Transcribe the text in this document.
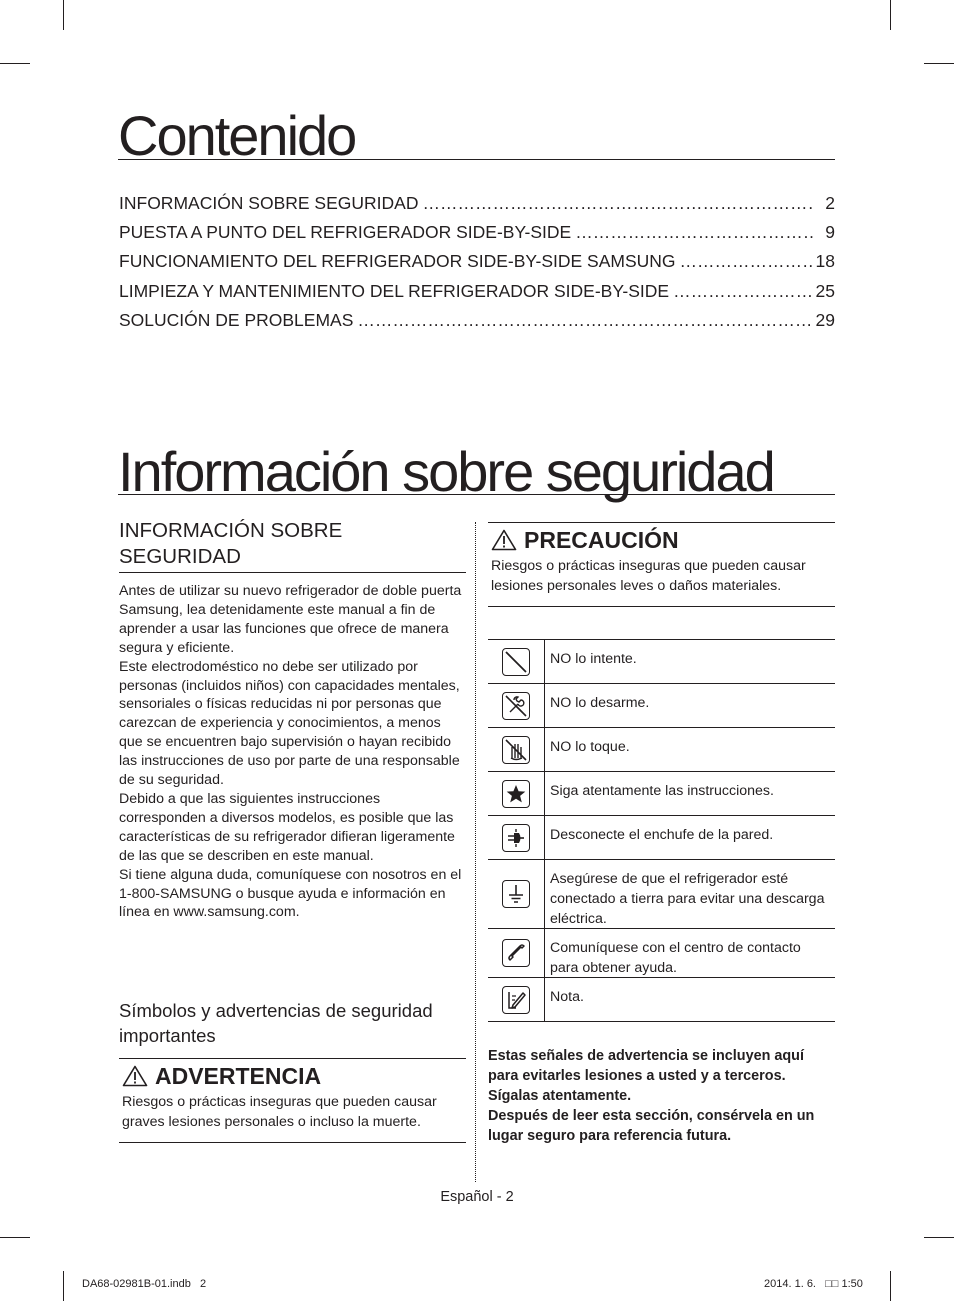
Contenido
INFORMACIÓN SOBRE SEGURIDAD ………………………………………………………………………………………………………………………………………………………	2
PUESTA A PUNTO DEL REFRIGERADOR SIDE-BY-SIDE ………………………………………………………………………………………………………………………………………………………	9
FUNCIONAMIENTO DEL REFRIGERADOR SIDE-BY-SIDE SAMSUNG ………………………………………………………………………………………………………………………………………………………	18
LIMPIEZA Y MANTENIMIENTO DEL REFRIGERADOR SIDE-BY-SIDE ………………………………………………………………………………………………………………………………………………………	25
SOLUCIÓN DE PROBLEMAS ………………………………………………………………………………………………………………………………………………………	29
Información sobre seguridad
INFORMACIÓN SOBRE SEGURIDAD

Antes de utilizar su nuevo refrigerador de doble puerta Samsung, lea detenidamente este manual a fin de aprender a usar las funciones que ofrece de manera segura y eficiente.

Este electrodoméstico no debe ser utilizado por personas (incluidos niños) con capacidades mentales, sensoriales o físicas reducidas ni por personas que carezcan de experiencia y conocimientos, a menos que se encuentren bajo supervisión o hayan recibido las instrucciones de uso por parte de una responsable de su seguridad.

Debido a que las siguientes instrucciones corresponden a diversos modelos, es posible que las características de su refrigerador difieran ligeramente de las que se describen en este manual.

Si tiene alguna duda, comuníquese con nosotros en el 1-800-SAMSUNG o busque ayuda e información en línea en www.samsung.com.

Símbolos y advertencias de seguridad importantes
ADVERTENCIA
Riesgos o prácticas inseguras que pueden causar graves lesiones personales o incluso la muerte.
PRECAUCIÓN
Riesgos o prácticas inseguras que pueden causar lesiones personales leves o daños materiales.
NO lo intente.
NO lo desarme.
NO lo toque.
Siga atentamente las instrucciones.
Desconecte el enchufe de la pared.
Asegúrese de que el refrigerador esté conectado a tierra para evitar una descarga eléctrica.
Comuníquese con el centro de contacto para obtener ayuda.
Nota.

Estas señales de advertencia se incluyen aquí para evitarles lesiones a usted y a terceros. Sígalas atentamente.

Después de leer esta sección, consérvela en un lugar seguro para referencia futura.

Español - 2
DA68-02981B-01.indb   2	2014. 1. 6.   □□ 1:50
